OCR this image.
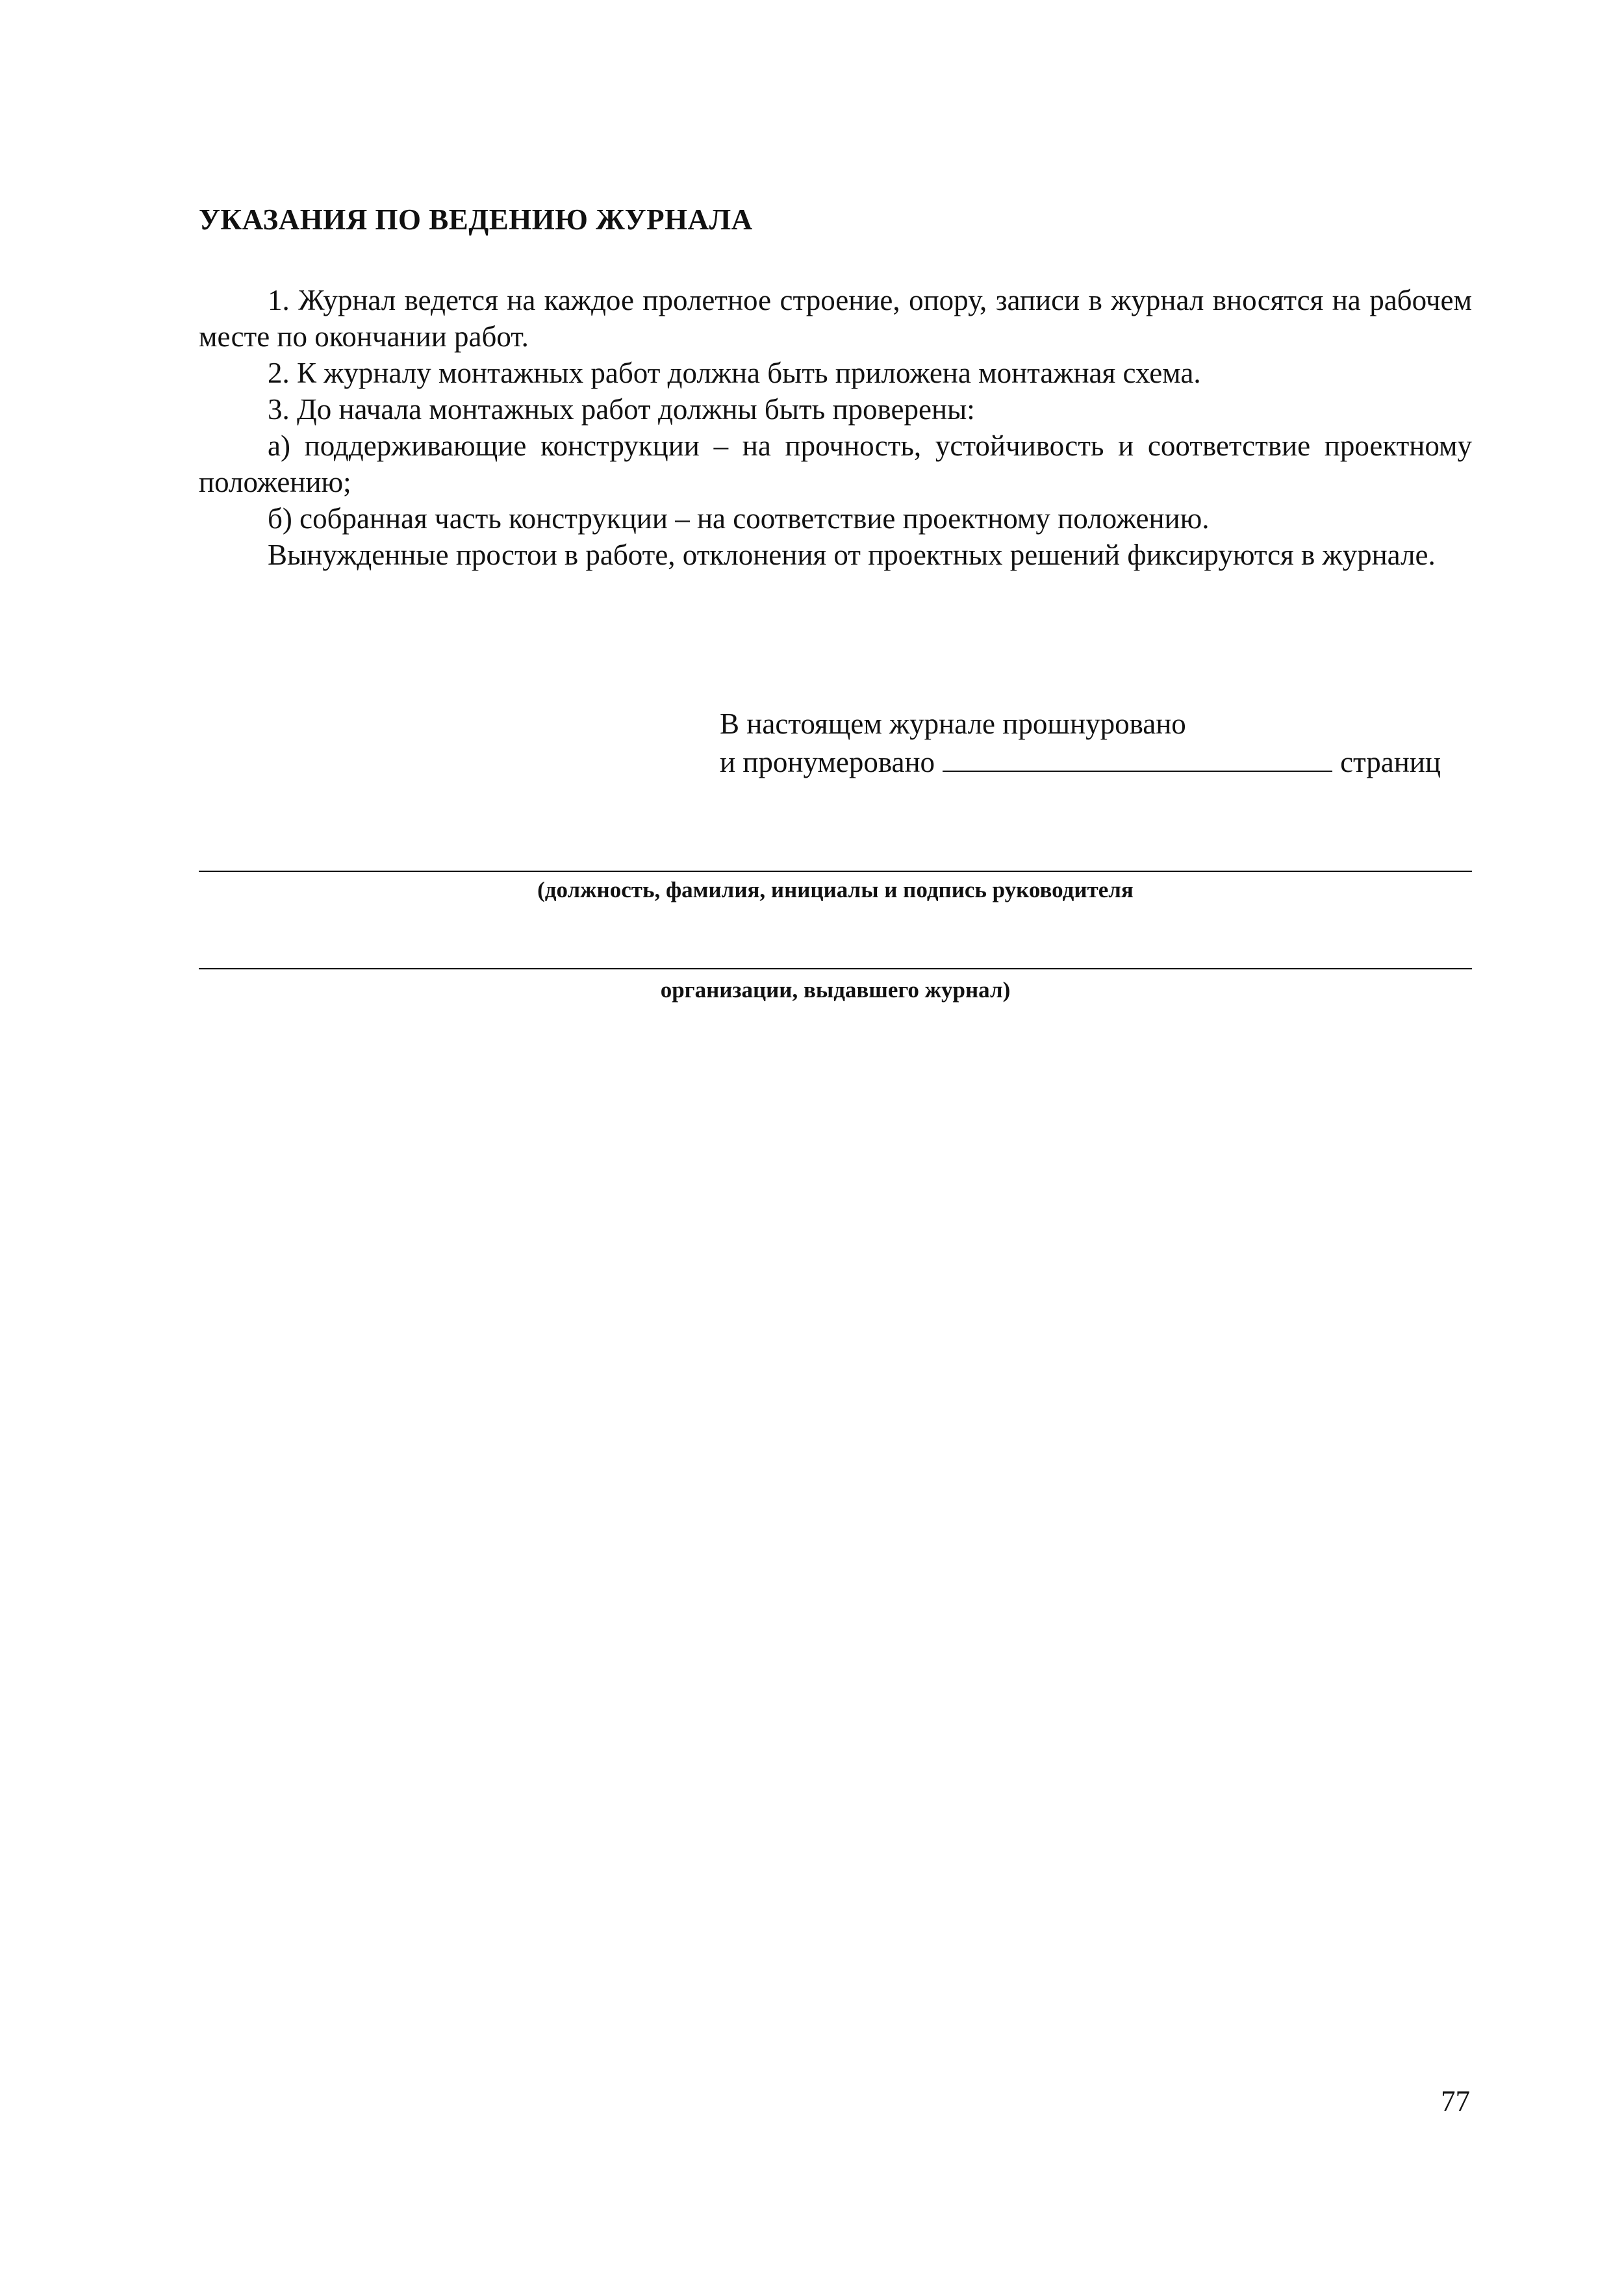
УКАЗАНИЯ ПО ВЕДЕНИЮ ЖУРНАЛА

1. Журнал ведется на каждое пролетное строение, опору, записи в журнал вносятся на рабочем месте по окончании работ.

2. К журналу монтажных работ должна быть приложена монтажная схема.

3. До начала монтажных работ должны быть проверены:

а) поддерживающие конструкции – на прочность, устойчивость и соответствие проектному положению;

б) собранная часть конструкции – на соответствие проектному положению.

Вынужденные простои в работе, отклонения от проектных решений фиксируются в журнале.

В настоящем журнале прошнуровано
и пронумеровано	страниц
(должность, фамилия, инициалы и подпись руководителя
организации, выдавшего журнал)
77
